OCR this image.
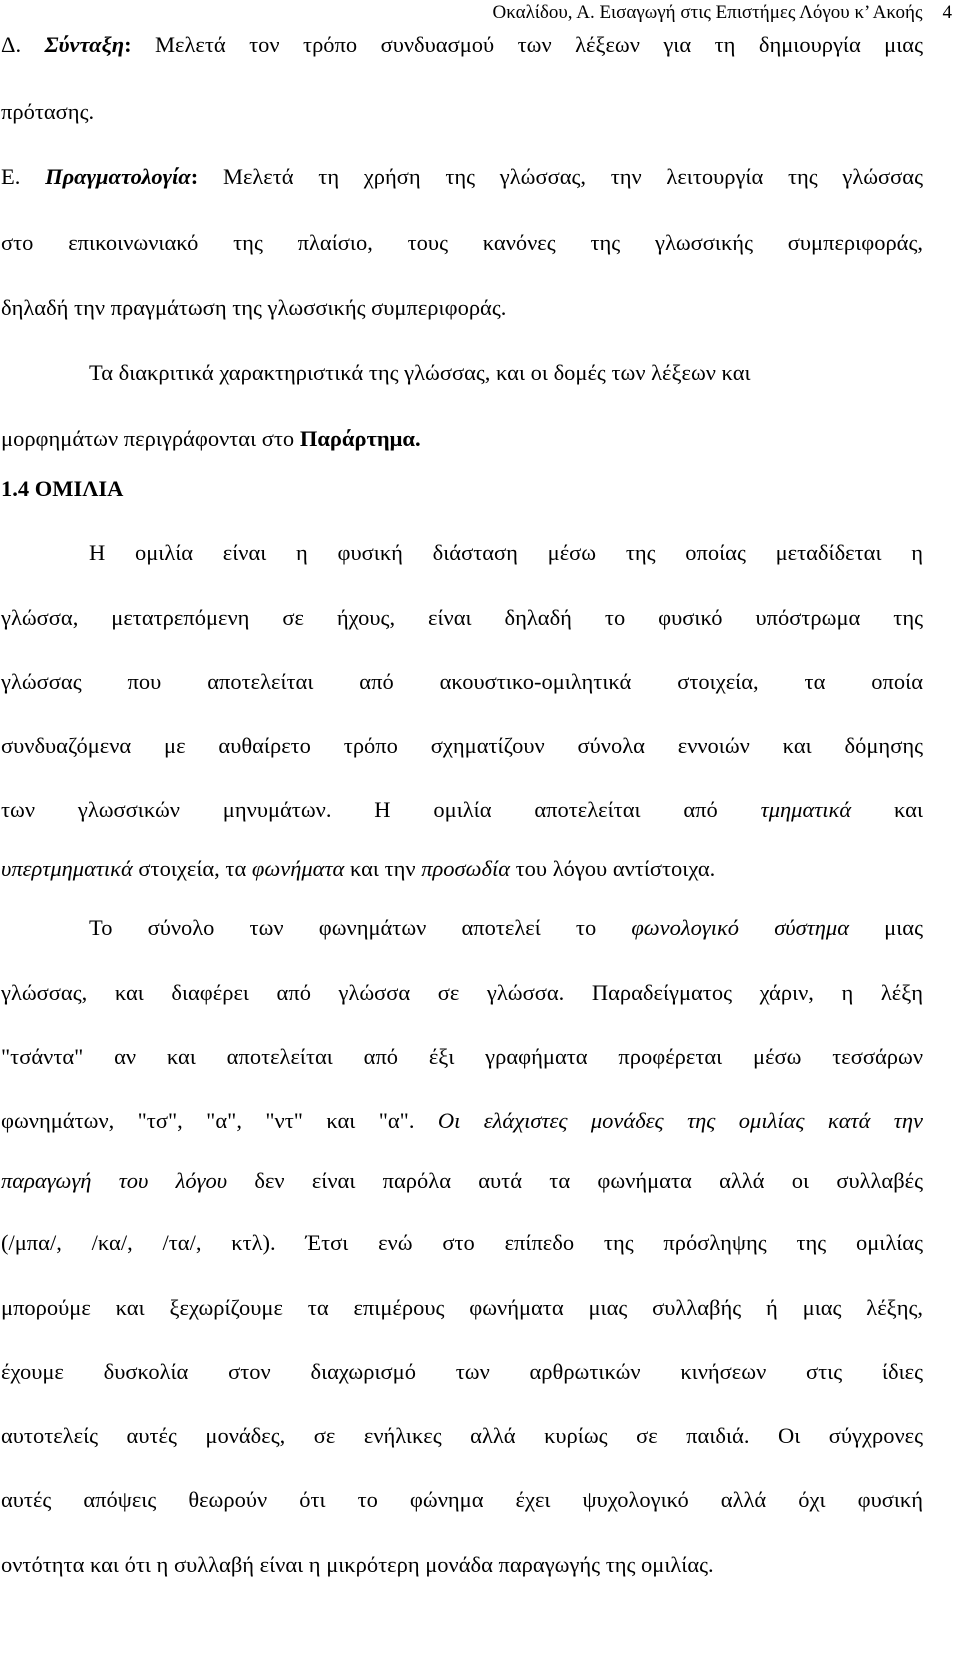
Οκαλίδου, Α. Εισαγωγή στις Επιστήμες Λόγου κ’ Ακοής 4
Δ. Σύνταξη: Μελετά τον τρόπο συνδυασμού των λέξεων για τη δημιουργία μιας
πρότασης.
Ε. Πραγματολογία: Μελετά τη χρήση της γλώσσας, την λειτουργία της γλώσσας
στο επικοινωνιακό της πλαίσιο, τους κανόνες της γλωσσικής συμπεριφοράς,
δηλαδή την πραγμάτωση της γλωσσικής συμπεριφοράς.
Τα διακριτικά χαρακτηριστικά της γλώσσας, και οι δομές των λέξεων και
μορφημάτων περιγράφονται στο Παράρτημα.
1.4 ΟΜΙΛΙΑ
Η ομιλία είναι η φυσική διάσταση μέσω της οποίας μεταδίδεται η
γλώσσα, μετατρεπόμενη σε ήχους, είναι δηλαδή το φυσικό υπόστρωμα της
γλώσσας που αποτελείται από ακουστικο-ομιλητικά στοιχεία, τα οποία
συνδυαζόμενα με αυθαίρετο τρόπο σχηματίζουν σύνολα εννοιών και δόμησης
των γλωσσικών μηνυμάτων. Η ομιλία αποτελείται από τμηματικά και
υπερτμηματικά στοιχεία, τα φωνήματα και την προσωδία του λόγου αντίστοιχα.
Το σύνολο των φωνημάτων αποτελεί το φωνολογικό σύστημα μιας
γλώσσας, και διαφέρει από γλώσσα σε γλώσσα. Παραδείγματος χάριν, η λέξη
"τσάντα" αν και αποτελείται από έξι γραφήματα προφέρεται μέσω τεσσάρων
φωνημάτων, "τσ", "α", "ντ" και "α". Οι ελάχιστες μονάδες της ομιλίας κατά την
παραγωγή του λόγου δεν είναι παρόλα αυτά τα φωνήματα αλλά οι συλλαβές
(/μπα/, /κα/, /τα/, κτλ). Έτσι ενώ στο επίπεδο της πρόσληψης της ομιλίας
μπορούμε και ξεχωρίζουμε τα επιμέρους φωνήματα μιας συλλαβής ή μιας λέξης,
έχουμε δυσκολία στον διαχωρισμό των αρθρωτικών κινήσεων στις ίδιες
αυτοτελείς αυτές μονάδες, σε ενήλικες αλλά κυρίως σε παιδιά. Οι σύγχρονες
αυτές απόψεις θεωρούν ότι το φώνημα έχει ψυχολογικό αλλά όχι φυσική
οντότητα και ότι η συλλαβή είναι η μικρότερη μονάδα παραγωγής της ομιλίας.
